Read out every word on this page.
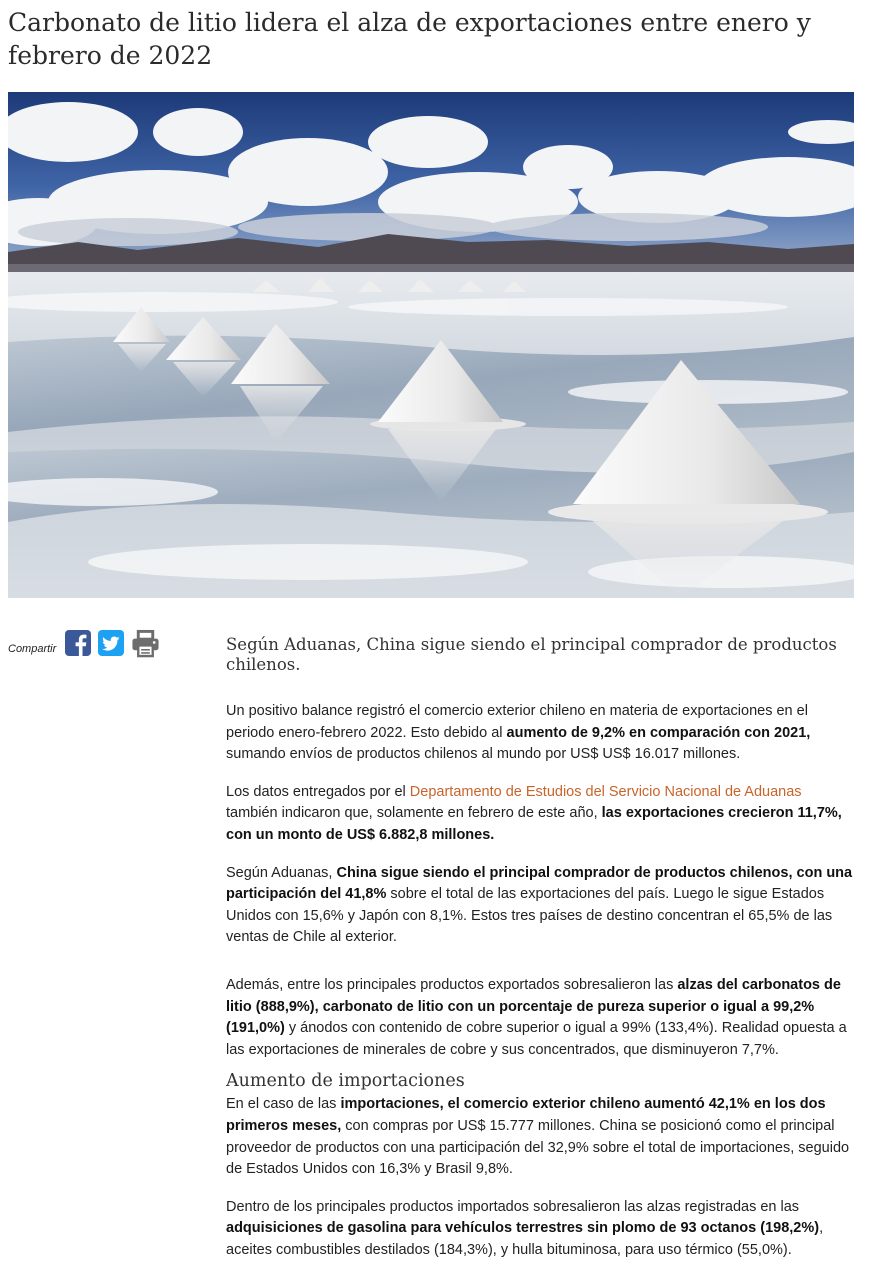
Carbonato de litio lidera el alza de exportaciones entre enero y febrero de 2022
Compartir	Según Aduanas, China sigue siendo el principal comprador de productos chilenos.

Un positivo balance registró el comercio exterior chileno en materia de exportaciones en el periodo enero-febrero 2022. Esto debido al aumento de 9,2% en comparación con 2021, sumando envíos de productos chilenos al mundo por US$ US$ 16.017 millones.

Los datos entregados por el Departamento de Estudios del Servicio Nacional de Aduanas también indicaron que, solamente en febrero de este año, las exportaciones crecieron 11,7%, con un monto de US$ 6.882,8 millones.

Según Aduanas, China sigue siendo el principal comprador de productos chilenos, con una participación del 41,8% sobre el total de las exportaciones del país. Luego le sigue Estados Unidos con 15,6% y Japón con 8,1%. Estos tres países de destino concentran el 65,5% de las ventas de Chile al exterior.

Además, entre los principales productos exportados sobresalieron las alzas del carbonatos de litio (888,9%), carbonato de litio con un porcentaje de pureza superior o igual a 99,2% (191,0%) y ánodos con contenido de cobre superior o igual a 99% (133,4%). Realidad opuesta a las exportaciones de minerales de cobre y sus concentrados, que disminuyeron 7,7%.

Aumento de importaciones

En el caso de las importaciones, el comercio exterior chileno aumentó 42,1% en los dos primeros meses, con compras por US$ 15.777 millones. China se posicionó como el principal proveedor de productos con una participación del 32,9% sobre el total de importaciones, seguido de Estados Unidos con 16,3% y Brasil 9,8%.

Dentro de los principales productos importados sobresalieron las alzas registradas en las adquisiciones de gasolina para vehículos terrestres sin plomo de 93 octanos (198,2%), aceites combustibles destilados (184,3%), y hulla bituminosa, para uso térmico (55,0%).
